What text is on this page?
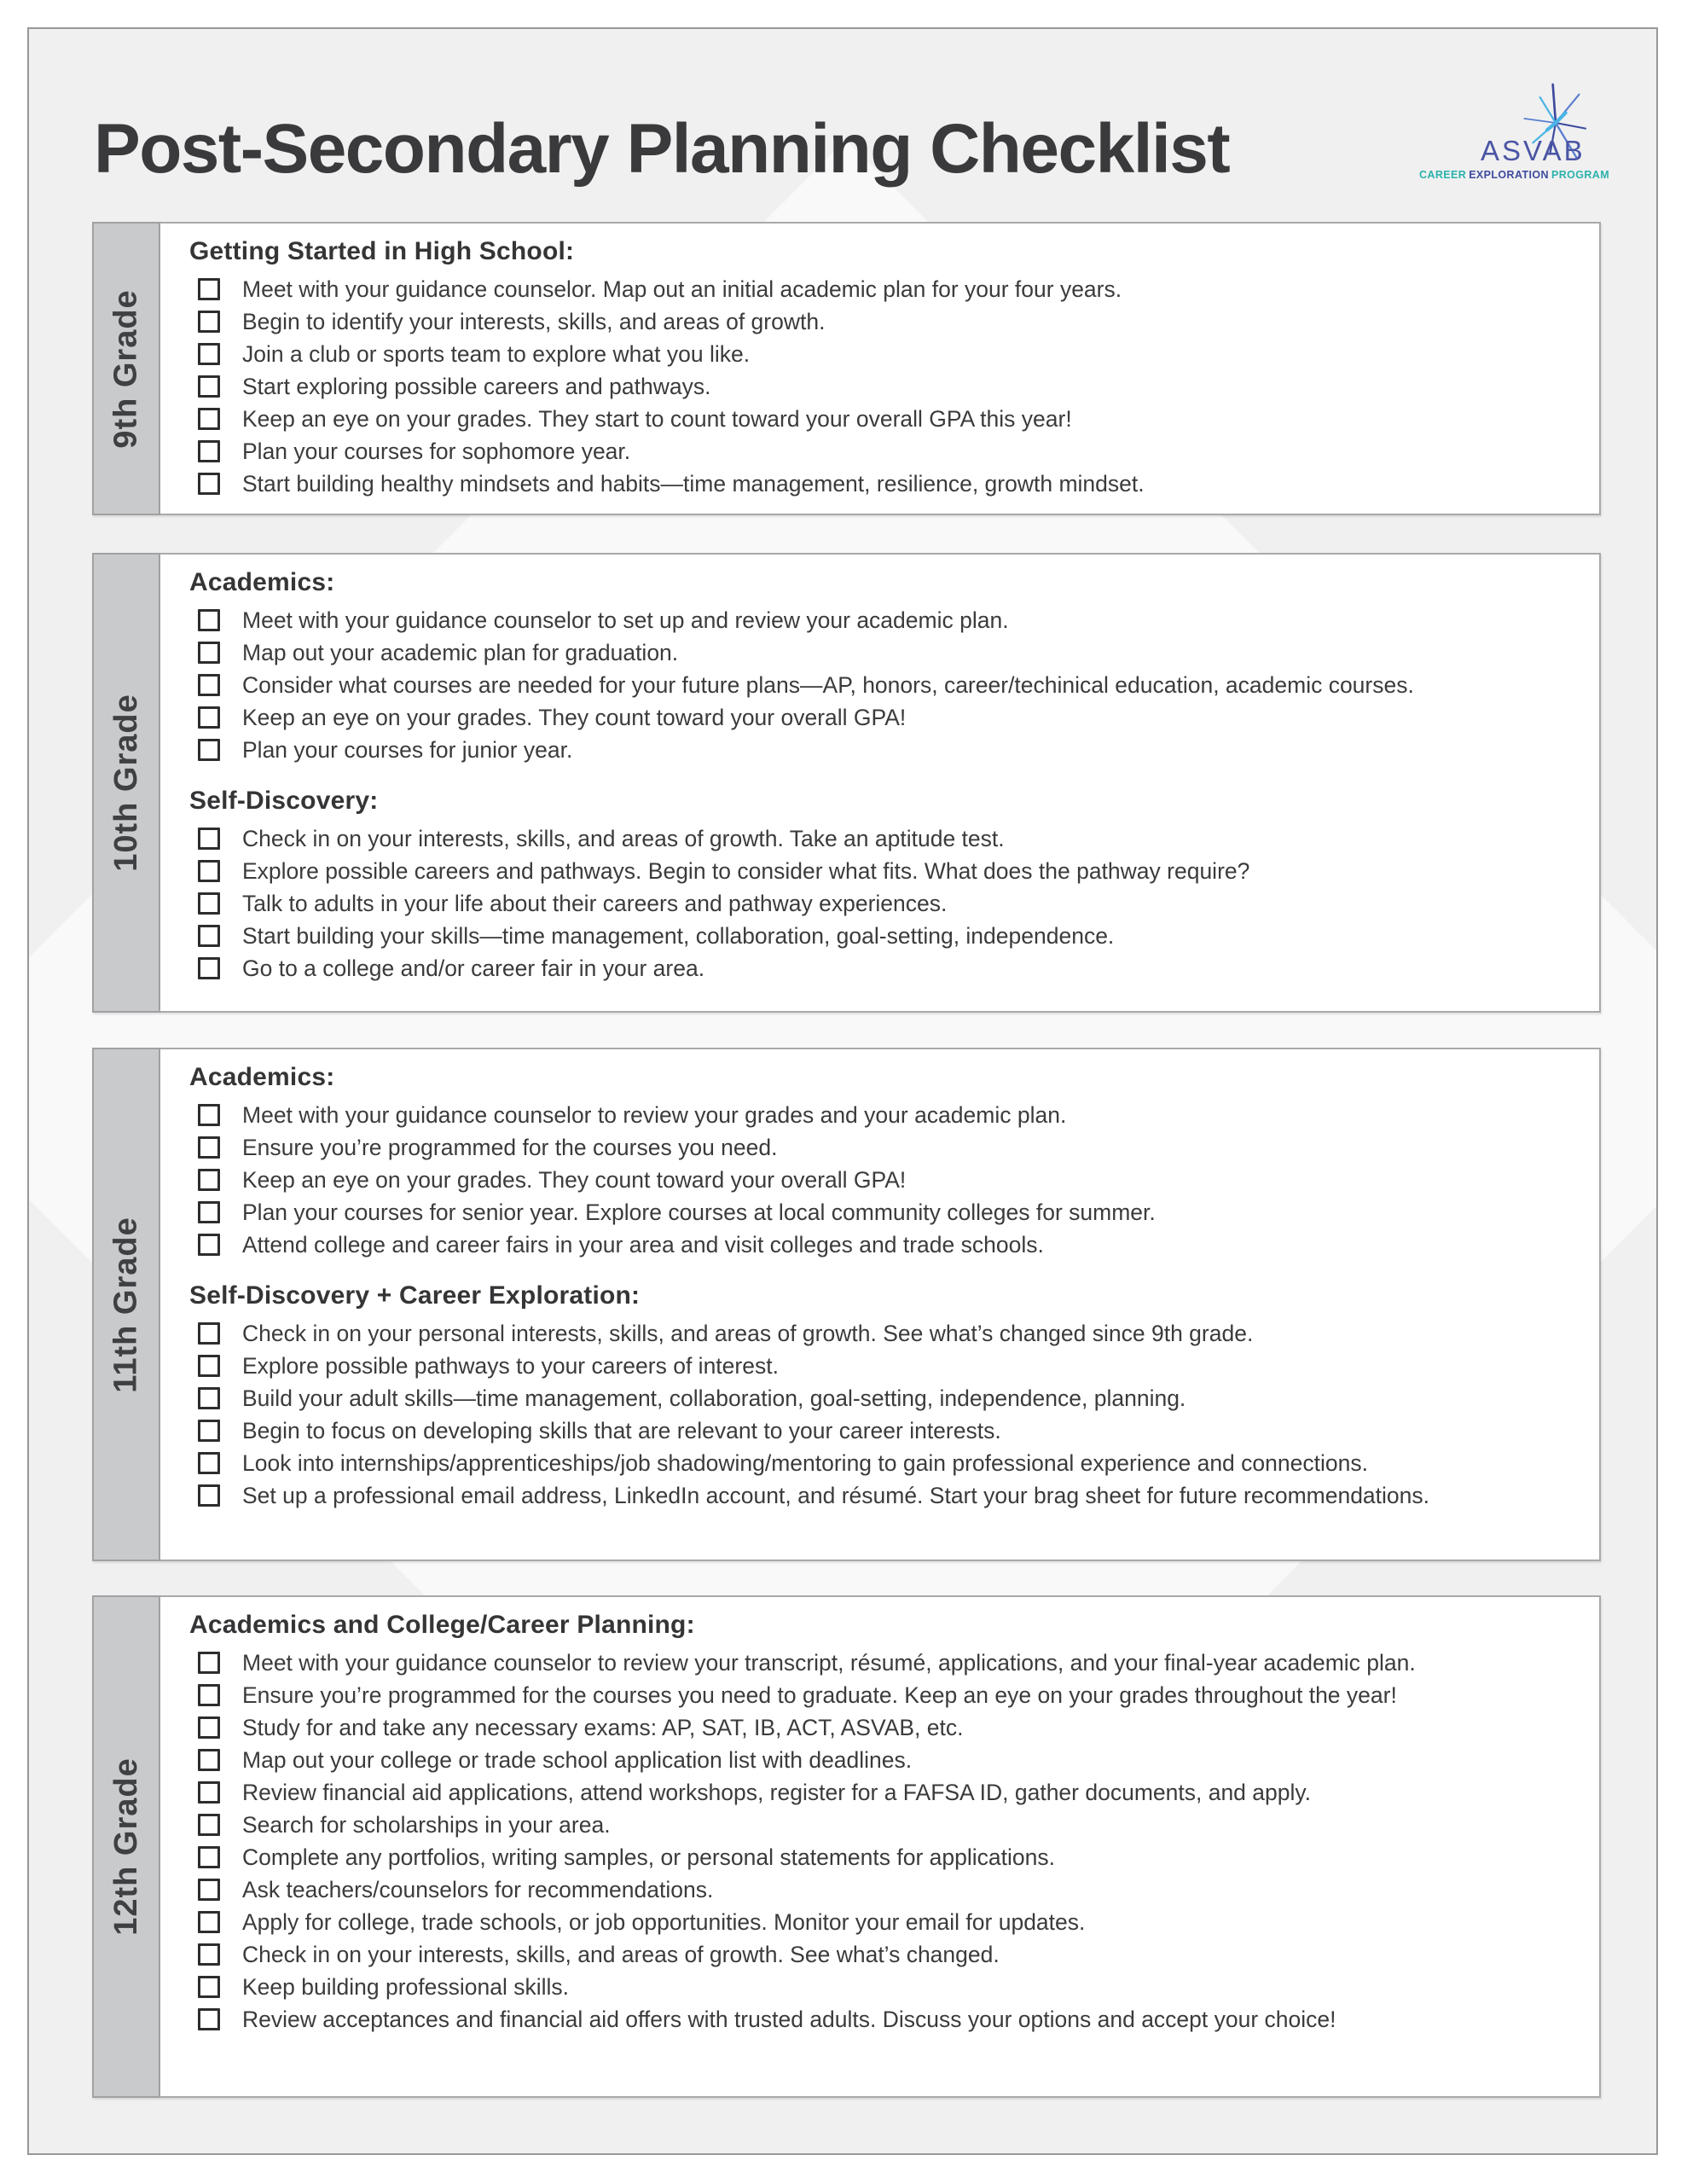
Post-Secondary Planning Checklist	ASVAB
CAREER EXPLORATION PROGRAM
9th Grade
Getting Started in High School:
Meet with your guidance counselor. Map out an initial academic plan for your four years.
Begin to identify your interests, skills, and areas of growth.
Join a club or sports team to explore what you like.
Start exploring possible careers and pathways.
Keep an eye on your grades. They start to count toward your overall GPA this year!
Plan your courses for sophomore year.
Start building healthy mindsets and habits—time management, resilience, growth mindset.
10th Grade
Academics:
Meet with your guidance counselor to set up and review your academic plan.
Map out your academic plan for graduation.
Consider what courses are needed for your future plans—AP, honors, career/techinical education, academic courses.
Keep an eye on your grades. They count toward your overall GPA!
Plan your courses for junior year.
Self-Discovery:
Check in on your interests, skills, and areas of growth. Take an aptitude test.
Explore possible careers and pathways. Begin to consider what fits. What does the pathway require?
Talk to adults in your life about their careers and pathway experiences.
Start building your skills—time management, collaboration, goal-setting, independence.
Go to a college and/or career fair in your area.
11th Grade
Academics:
Meet with your guidance counselor to review your grades and your academic plan.
Ensure you’re programmed for the courses you need.
Keep an eye on your grades. They count toward your overall GPA!
Plan your courses for senior year. Explore courses at local community colleges for summer.
Attend college and career fairs in your area and visit colleges and trade schools.
Self-Discovery + Career Exploration:
Check in on your personal interests, skills, and areas of growth. See what’s changed since 9th grade.
Explore possible pathways to your careers of interest.
Build your adult skills—time management, collaboration, goal-setting, independence, planning.
Begin to focus on developing skills that are relevant to your career interests.
Look into internships/apprenticeships/job shadowing/mentoring to gain professional experience and connections.
Set up a professional email address, LinkedIn account, and résumé. Start your brag sheet for future recommendations.
12th Grade
Academics and College/Career Planning:
Meet with your guidance counselor to review your transcript, résumé, applications, and your final-year academic plan.
Ensure you’re programmed for the courses you need to graduate. Keep an eye on your grades throughout the year!
Study for and take any necessary exams: AP, SAT, IB, ACT, ASVAB, etc.
Map out your college or trade school application list with deadlines.
Review financial aid applications, attend workshops, register for a FAFSA ID, gather documents, and apply.
Search for scholarships in your area.
Complete any portfolios, writing samples, or personal statements for applications.
Ask teachers/counselors for recommendations.
Apply for college, trade schools, or job opportunities. Monitor your email for updates.
Check in on your interests, skills, and areas of growth. See what’s changed.
Keep building professional skills.
Review acceptances and financial aid offers with trusted adults. Discuss your options and accept your choice!
